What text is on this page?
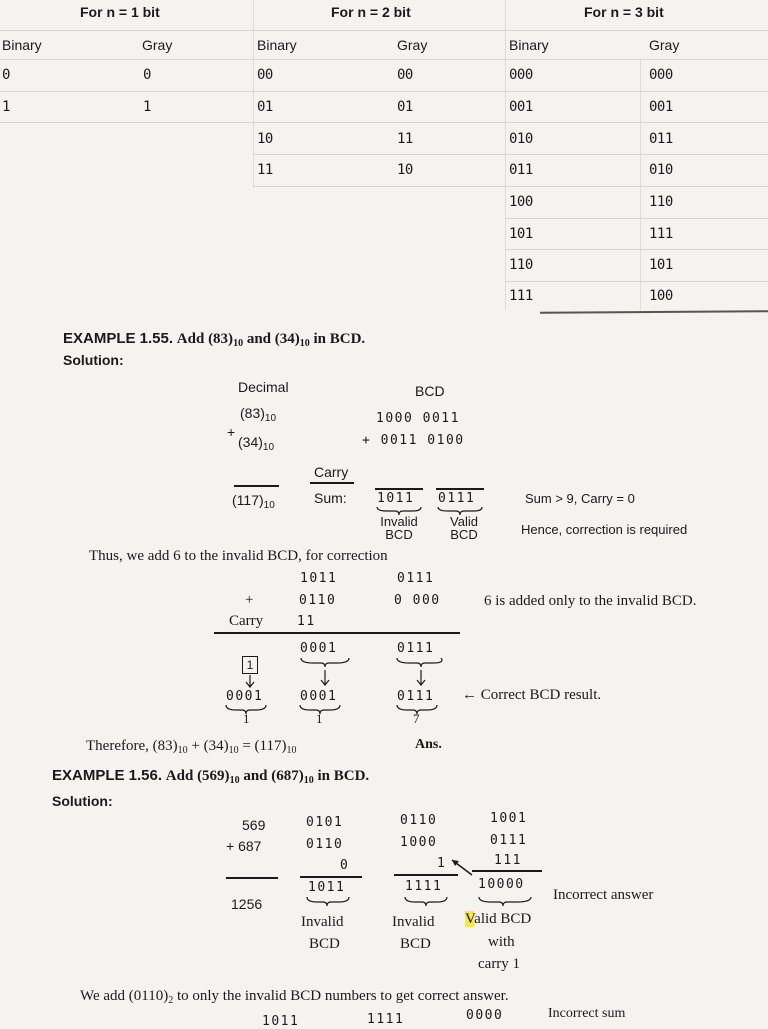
For n = 1 bit	For n = 2 bit	For n = 3 bit
Binary	Gray	Binary	Gray	Binary	Gray
0	0
1	1
00	00
01	01
10	11
11	10
000	000
001	001
010	011
011	010
100	110
101	111
110	101
111	100
EXAMPLE 1.55. Add $(83)_{10}$ and $(34)_{10}$ in BCD.
Solution:
Decimal	BCD
$(83)_{10}$
+
$(34)_{10}$
1000 0011
+ 0011 0100
Carry
$(117)_{10}$	Sum: 1011 0111
Invalid BCD
Valid BCD
Sum > 9, Carry = 0
Hence, correction is required
Thus, we add 6 to the invalid BCD, for correction
1011	0111
+	0110	0 000	6 is added only to the invalid BCD.
Carry	11
0001	0111
1
0001	0001	0111
1	1	7
← Correct BCD result.
Therefore, $(83)_{10} + (34)_{10} = (117)_{10}$	Ans.
EXAMPLE 1.56. Add $(569)_{10}$ and $(687)_{10}$ in BCD.
Solution:
569
+ 687
1256
0101
0110
0
1011
0110
1000
1
1111
1001
0111
111
10000
Incorrect answer
Invalid
BCD
Invalid
BCD
Valid BCD
with
carry 1
We add $(0110)_2$ to only the invalid BCD numbers to get correct answer.
1011	1111	0000	Incorrect sum
